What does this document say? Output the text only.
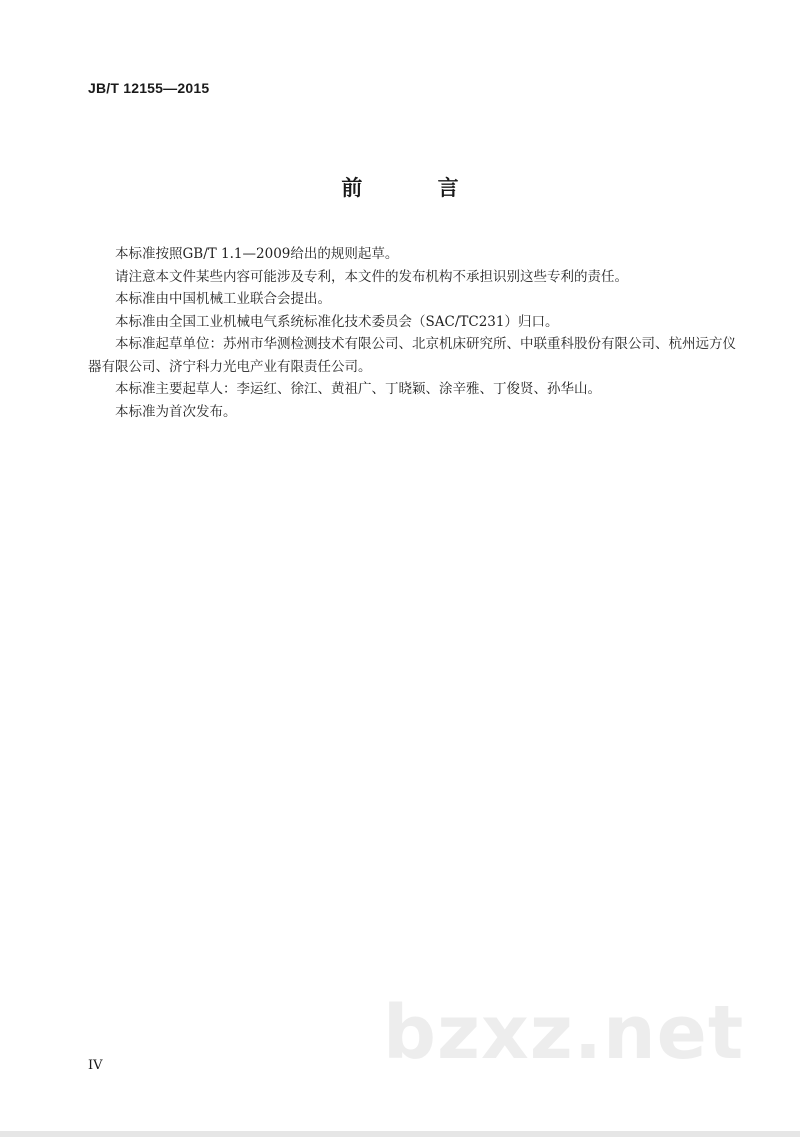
JB/T 12155—2015
前 言

本标准按照GB/T 1.1—2009给出的规则起草。

请注意本文件某些内容可能涉及专利，本文件的发布机构不承担识别这些专利的责任。

本标准由中国机械工业联合会提出。

本标准由全国工业机械电气系统标准化技术委员会（SAC/TC231）归口。

本标准起草单位：苏州市华测检测技术有限公司、北京机床研究所、中联重科股份有限公司、杭州远方仪器有限公司、济宁科力光电产业有限责任公司。

本标准主要起草人：李运红、徐江、黄祖广、丁晓颖、涂辛雅、丁俊贤、孙华山。

本标准为首次发布。

bzxz.net
IV
